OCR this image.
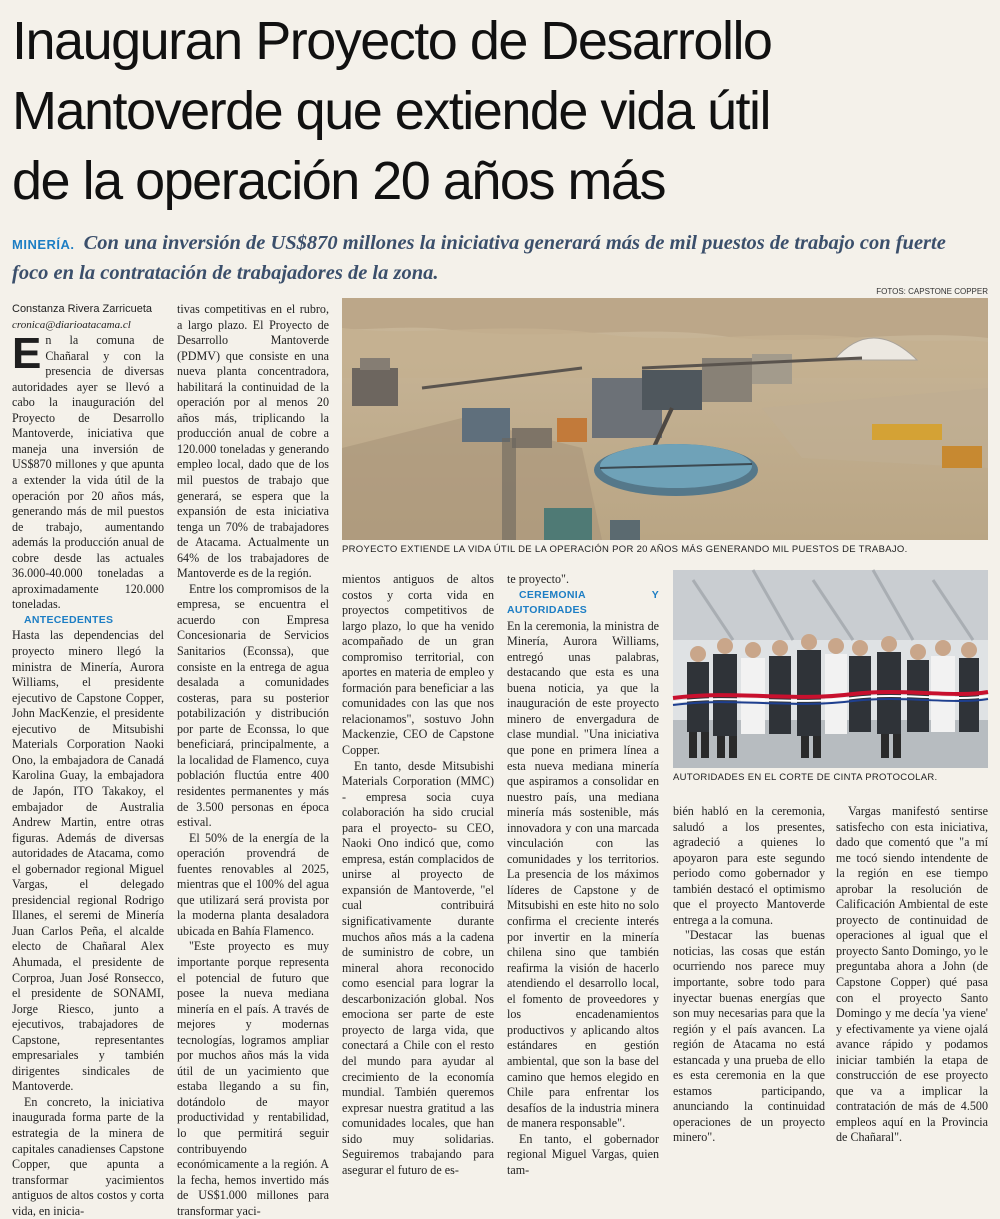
Inauguran Proyecto de Desarrollo
Mantoverde que extiende vida útil
de la operación 20 años más

MINERÍA. Con una inversión de US$870 millones la iniciativa generará más de mil puestos de trabajo con fuerte foco en la contratación de trabajadores de la zona.

FOTOS: CAPSTONE COPPER

Constanza Rivera Zarricueta

cronica@diarioatacama.cl

En la comuna de Chañaral y con la presencia de diversas autoridades ayer se llevó a cabo la inauguración del Proyecto de Desarrollo Mantoverde, iniciativa que maneja una inversión de US$870 millones y que apunta a extender la vida útil de la operación por 20 años más, generando más de mil puestos de trabajo, aumentando además la producción anual de cobre desde las actuales 36.000-40.000 toneladas a aproximadamente 120.000 toneladas.

ANTECEDENTES

Hasta las dependencias del proyecto minero llegó la ministra de Minería, Aurora Williams, el presidente ejecutivo de Capstone Copper, John MacKenzie, el presidente ejecutivo de Mitsubishi Materials Corporation Naoki Ono, la embajadora de Canadá Karolina Guay, la embajadora de Japón, ITO Takakoy, el embajador de Australia Andrew Martin, entre otras figuras. Además de diversas autoridades de Atacama, como el gobernador regional Miguel Vargas, el delegado presidencial regional Rodrigo Illanes, el seremi de Minería Juan Carlos Peña, el alcalde electo de Chañaral Alex Ahumada, el presidente de Corproa, Juan José Ronsecco, el presidente de SONAMI, Jorge Riesco, junto a ejecutivos, trabajadores de Capstone, representantes empresariales y también dirigentes sindicales de Mantoverde.

En concreto, la iniciativa inaugurada forma parte de la estrategia de la minera de capitales canadienses Capstone Copper, que apunta a transformar yacimientos antiguos de altos costos y corta vida, en inicia-

PROYECTO EXTIENDE LA VIDA ÚTIL DE LA OPERACIÓN POR 20 AÑOS MÁS GENERANDO MIL PUESTOS DE TRABAJO.

tivas competitivas en el rubro, a largo plazo. El Proyecto de Desarrollo Mantoverde (PDMV) que consiste en una nueva planta concentradora, habilitará la continuidad de la operación por al menos 20 años más, triplicando la producción anual de cobre a 120.000 toneladas y generando empleo local, dado que de los mil puestos de trabajo que generará, se espera que la expansión de esta iniciativa tenga un 70% de trabajadores de Atacama. Actualmente un 64% de los trabajadores de Mantoverde es de la región.

Entre los compromisos de la empresa, se encuentra el acuerdo con Empresa Concesionaria de Servicios Sanitarios (Econssa), que consiste en la entrega de agua desalada a comunidades costeras, para su posterior potabilización y distribución por parte de Econssa, lo que beneficiará, principalmente, a la localidad de Flamenco, cuya población fluctúa entre 400 residentes permanentes y más de 3.500 personas en época estival.

El 50% de la energía de la operación provendrá de fuentes renovables al 2025, mientras que el 100% del agua que utilizará será provista por la moderna planta desaladora ubicada en Bahía Flamenco.

"Este proyecto es muy importante porque representa el potencial de futuro que posee la nueva mediana minería en el país. A través de mejores y modernas tecnologías, logramos ampliar por muchos años más la vida útil de un yacimiento que estaba llegando a su fin, dotándolo de mayor productividad y rentabilidad, lo que permitirá seguir contribuyendo económicamente a la región. A la fecha, hemos invertido más de US$1.000 millones para transformar yaci-

mientos antiguos de altos costos y corta vida en proyectos competitivos de largo plazo, lo que ha venido acompañado de un gran compromiso territorial, con aportes en materia de empleo y formación para beneficiar a las comunidades con las que nos relacionamos", sostuvo John Mackenzie, CEO de Capstone Copper.

En tanto, desde Mitsubishi Materials Corporation (MMC) - empresa socia cuya colaboración ha sido crucial para el proyecto- su CEO, Naoki Ono indicó que, como empresa, están complacidos de unirse al proyecto de expansión de Mantoverde, "el cual contribuirá significativamente durante muchos años más a la cadena de suministro de cobre, un mineral ahora reconocido como esencial para lograr la descarbonización global. Nos emociona ser parte de este proyecto de larga vida, que conectará a Chile con el resto del mundo para ayudar al crecimiento de la economía mundial. También queremos expresar nuestra gratitud a las comunidades locales, que han sido muy solidarias. Seguiremos trabajando para asegurar el futuro de es-

te proyecto".

CEREMONIA Y AUTORIDADES

En la ceremonia, la ministra de Minería, Aurora Williams, entregó unas palabras, destacando que esta es una buena noticia, ya que la inauguración de este proyecto minero de envergadura de clase mundial. "Una iniciativa que pone en primera línea a esta nueva mediana minería que aspiramos a consolidar en nuestro país, una mediana minería más sostenible, más innovadora y con una marcada vinculación con las comunidades y los territorios. La presencia de los máximos líderes de Capstone y de Mitsubishi en este hito no solo confirma el creciente interés por invertir en la minería chilena sino que también reafirma la visión de hacerlo atendiendo el desarrollo local, el fomento de proveedores y los encadenamientos productivos y aplicando altos estándares en gestión ambiental, que son la base del camino que hemos elegido en Chile para enfrentar los desafíos de la industria minera de manera responsable".

En tanto, el gobernador regional Miguel Vargas, quien tam-

AUTORIDADES EN EL CORTE DE CINTA PROTOCOLAR.

bién habló en la ceremonia, saludó a los presentes, agradeció a quienes lo apoyaron para este segundo periodo como gobernador y también destacó el optimismo que el proyecto Mantoverde entrega a la comuna.

"Destacar las buenas noticias, las cosas que están ocurriendo nos parece muy importante, sobre todo para inyectar buenas energías que son muy necesarias para que la región y el país avancen. La región de Atacama no está estancada y una prueba de ello es esta ceremonia en la que estamos participando, anunciando la continuidad operaciones de un proyecto minero".

Vargas manifestó sentirse satisfecho con esta iniciativa, dado que comentó que "a mí me tocó siendo intendente de la región en ese tiempo aprobar la resolución de Calificación Ambiental de este proyecto de continuidad de operaciones al igual que el proyecto Santo Domingo, yo le preguntaba ahora a John (de Capstone Copper) qué pasa con el proyecto Santo Domingo y me decía 'ya viene' y efectivamente ya viene ojalá avance rápido y podamos iniciar también la etapa de construcción de ese proyecto que va a implicar la contratación de más de 4.500 empleos aquí en la Provincia de Chañaral".
